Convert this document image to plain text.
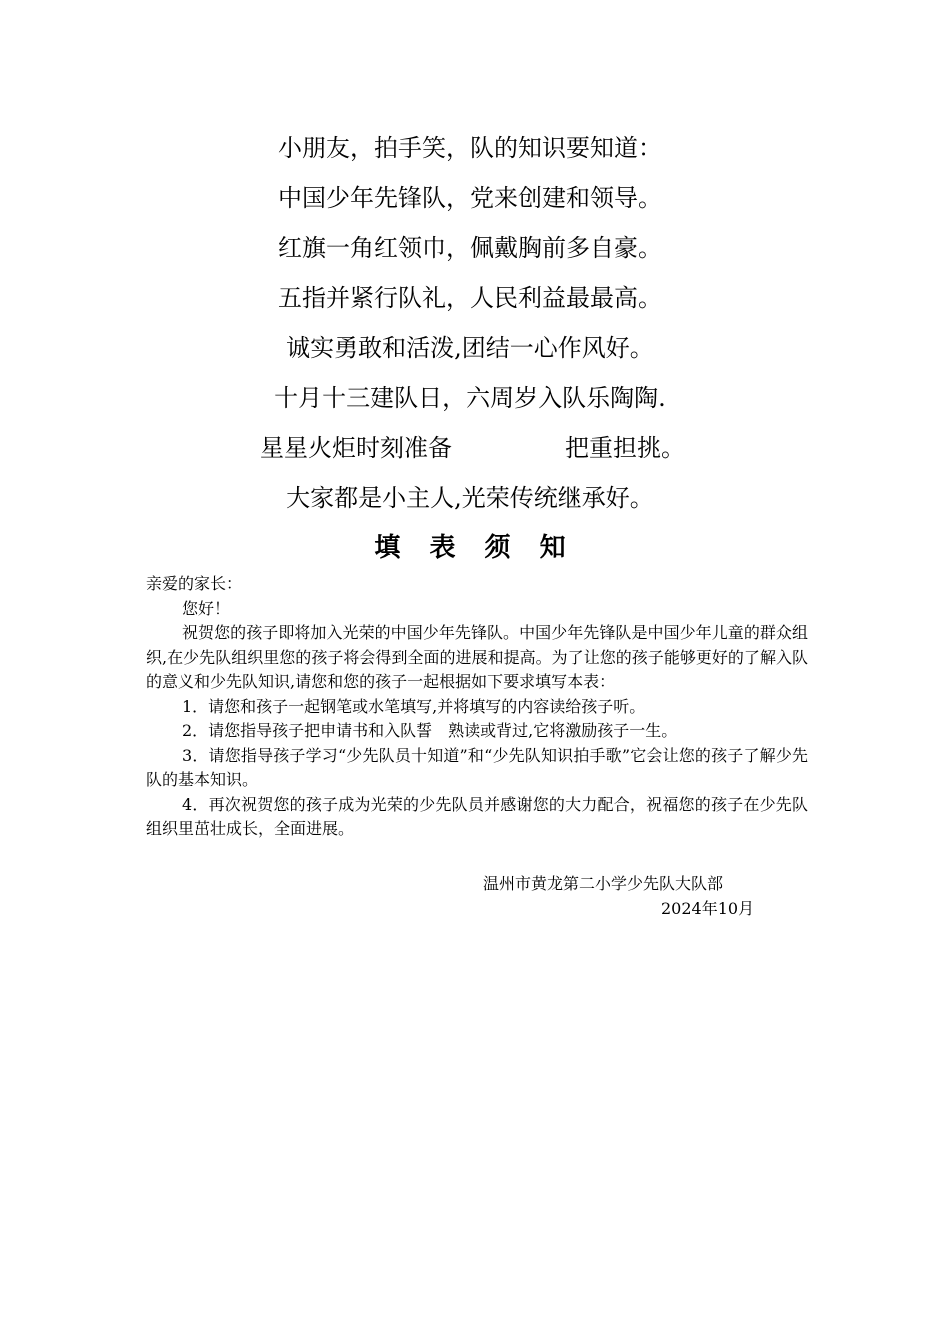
小朋友，拍手笑，队的知识要知道：
中国少年先锋队，党来创建和领导。
红旗一角红领巾，佩戴胸前多自豪。
五指并紧行队礼，人民利益最最高。
诚实勇敢和活泼,团结一心作风好。
十月十三建队日，六周岁入队乐陶陶.
星星火炬时刻准备	把重担挑。
大家都是小主人,光荣传统继承好。
填 表 须 知

亲爱的家长：

您好！

祝贺您的孩子即将加入光荣的中国少年先锋队。中国少年先锋队是中国少年儿童的群众组织,在少先队组织里您的孩子将会得到全面的进展和提高。为了让您的孩子能够更好的了解入队的意义和少先队知识,请您和您的孩子一起根据如下要求填写本表：

1．请您和孩子一起钢笔或水笔填写,并将填写的内容读给孩子听。

2．请您指导孩子把申请书和入队誓　熟读或背过,它将激励孩子一生。

3．请您指导孩子学习“少先队员十知道”和“少先队知识拍手歌”它会让您的孩子了解少先队的基本知识。

4．再次祝贺您的孩子成为光荣的少先队员并感谢您的大力配合，祝福您的孩子在少先队组织里茁壮成长，全面进展。

温州市黄龙第二小学少先队大队部
2024年10月
